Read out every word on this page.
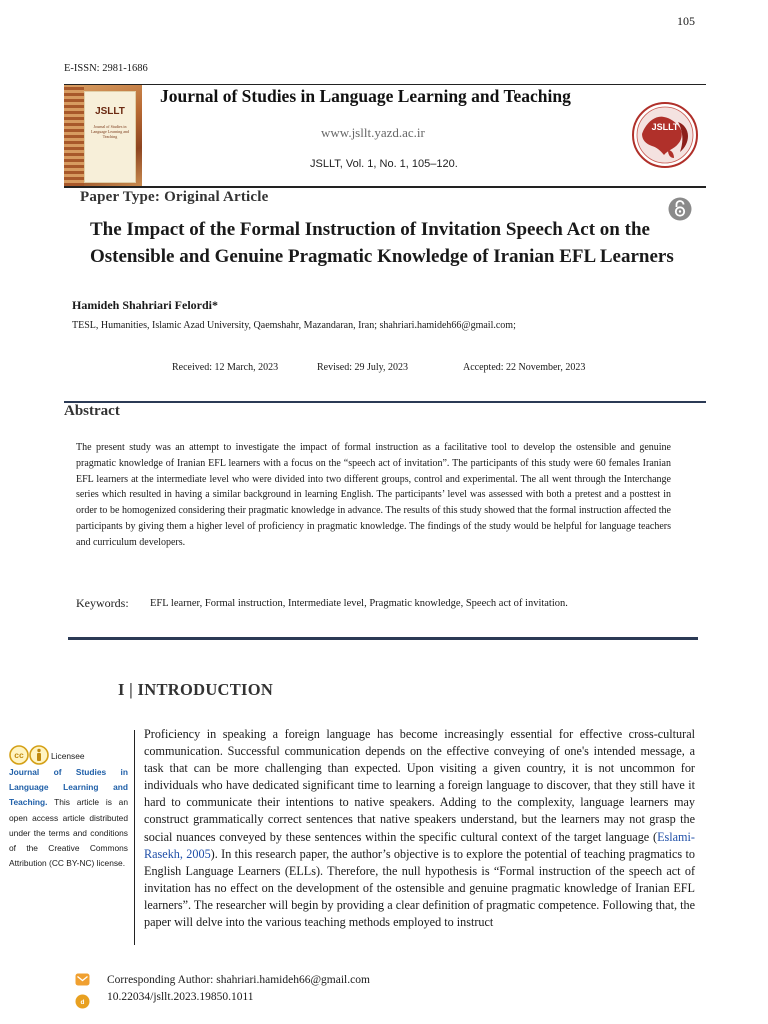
105
E-ISSN: 2981-1686
JSLLT
Journal of Studies in Language Learning and Teaching
Journal of Studies in Language Learning and Teaching
www.jsllt.yazd.ac.ir
JSLLT, Vol. 1, No. 1, 105–120.
JSLLT
Paper Type: Original Article
The Impact of the Formal Instruction of Invitation Speech Act on the Ostensible and Genuine Pragmatic Knowledge of Iranian EFL Learners
Hamideh Shahriari Felordi*
TESL, Humanities, Islamic Azad University, Qaemshahr, Mazandaran, Iran; shahriari.hamideh66@gmail.com;
Received: 12 March, 2023	Revised: 29 July, 2023	Accepted: 22 November, 2023
Abstract
The present study was an attempt to investigate the impact of formal instruction as a facilitative tool to develop the ostensible and genuine pragmatic knowledge of Iranian EFL learners with a focus on the “speech act of invitation”. The participants of this study were 60 females Iranian EFL learners at the intermediate level who were divided into two different groups, control and experimental. The all went through the Interchange series which resulted in having a similar background in learning English. The participants’ level was assessed with both a pretest and a posttest in order to be homogenized considering their pragmatic knowledge in advance. The results of this study showed that the formal instruction affected the participants by giving them a higher level of proficiency in pragmatic knowledge. The findings of the study would be helpful for language teachers and curriculum developers.
Keywords: EFL learner, Formal instruction, Intermediate level, Pragmatic knowledge, Speech act of invitation.
I | INTRODUCTION
cc	Licensee
Journal of Studies in Language Learning and Teaching. This article is an open access article distributed under the terms and conditions of the Creative Commons Attribution (CC BY-NC) license.
Proficiency in speaking a foreign language has become increasingly essential for effective cross-cultural communication. Successful communication depends on the effective conveying of one's intended message, a task that can be more challenging than expected. Upon visiting a given country, it is not uncommon for individuals who have dedicated significant time to learning a foreign language to discover, that they still have it hard to communicate their intentions to native speakers. Adding to the complexity, language learners may construct grammatically correct sentences that native speakers understand, but the learners may not grasp the social nuances conveyed by these sentences within the specific cultural context of the target language (Eslami-Rasekh, 2005). In this research paper, the author’s objective is to explore the potential of teaching pragmatics to English Language Learners (ELLs). Therefore, the null hypothesis is “Formal instruction of the speech act of invitation has no effect on the development of the ostensible and genuine pragmatic knowledge of Iranian EFL learners”. The researcher will begin by providing a clear definition of pragmatic competence. Following that, the paper will delve into the various teaching methods employed to instruct
Corresponding Author: shahriari.hamideh66@gmail.com
d 10.22034/jsllt.2023.19850.1011
